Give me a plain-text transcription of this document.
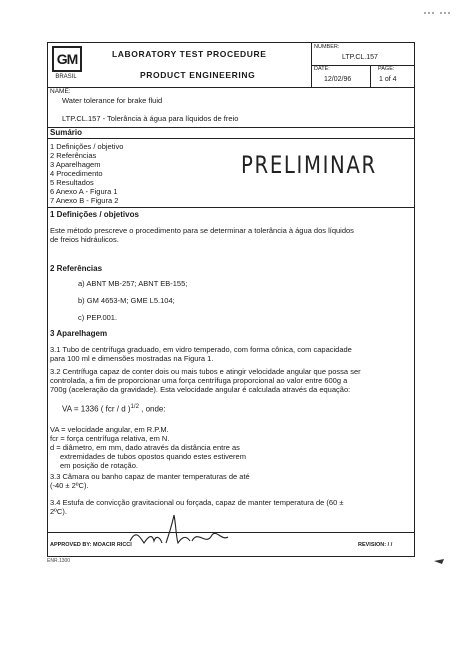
GM
BRASIL
LABORATORY TEST PROCEDURE
PRODUCT ENGINEERING
NUMBER:
LTP.CL.157
DATE:
12/02/96
PAGE:
1 of 4
NAME:
Water tolerance for brake fluid
LTP.CL.157 - Tolerância à água para líquidos de freio
Sumário
1 Definições / objetivo
2 Referências
3 Aparelhagem
4 Procedimento
5 Resultados
6 Anexo A - Figura 1
7 Anexo B - Figura 2
PRELIMINAR
1 Definições / objetivos
Este método prescreve o procedimento para se determinar a tolerância à água dos líquidos
de freios hidráulicos.
2 Referências
a) ABNT MB-257; ABNT EB-155;
b) GM 4653-M; GME L5.104;
c) PEP.001.
3 Aparelhagem
3.1 Tubo de centrífuga graduado, em vidro temperado, com forma cônica, com capacidade
para 100 ml e dimensões mostradas na Figura 1.
3.2 Centrífuga capaz de conter dois ou mais tubos e atingir velocidade angular que possa ser
controlada, a fim de proporcionar uma força centrífuga proporcional ao valor entre 600g a
700g (aceleração da gravidade). Esta velocidade angular é calculada através da equação:
VA = 1336 ( fcr / d )$^{1/2}$ , onde:
VA = velocidade angular, em R.P.M.
fcr = força centrífuga relativa, em N.
d = diâmetro, em mm, dado através da distância entre as
extremidades de tubos opostos quando estes estiverem
em posição de rotação.
3.3 Câmara ou banho capaz de manter temperaturas de até
(-40 ± 2ºC).
3.4 Estufa de convicção gravitacional ou forçada, capaz de manter temperatura de (60 ±
2ºC).
APPROVED BY: MOACIR RICCI	REVISION: / /
ENR.1300
